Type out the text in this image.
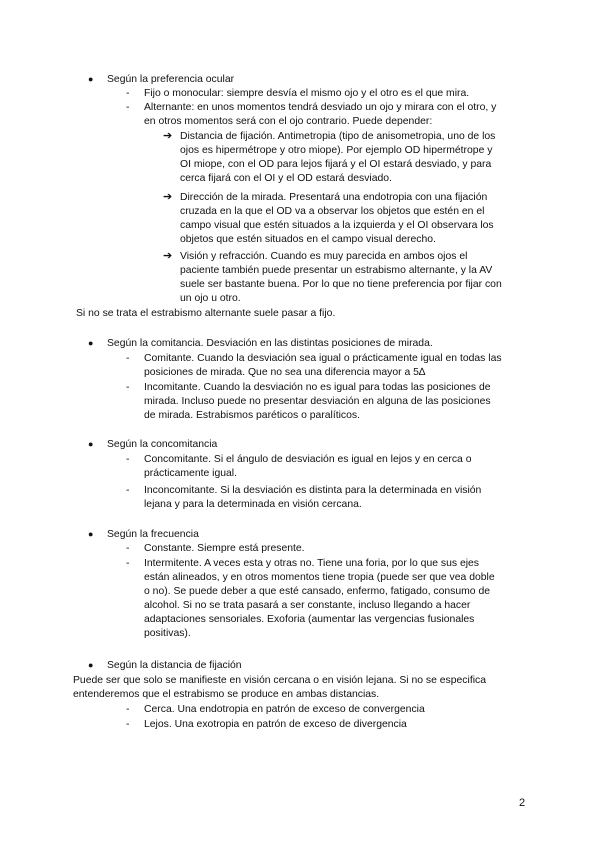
● Según la preferencia ocular
- Fijo o monocular: siempre desvía el mismo ojo y el otro es el que mira.
- Alternante: en unos momentos tendrá desviado un ojo y mirara con el otro, y
en otros momentos será con el ojo contrario. Puede depender:
➔ Distancia de fijación. Antimetropia (tipo de anisometropia, uno de los
ojos es hipermétrope y otro miope). Por ejemplo OD hipermétrope y
OI miope, con el OD para lejos fijará y el OI estará desviado, y para
cerca fijará con el OI y el OD estará desviado.
➔ Dirección de la mirada. Presentará una endotropia con una fijación
cruzada en la que el OD va a observar los objetos que estén en el
campo visual que estén situados a la izquierda y el OI observara los
objetos que estén situados en el campo visual derecho.
➔ Visión y refracción. Cuando es muy parecida en ambos ojos el
paciente también puede presentar un estrabismo alternante, y la AV
suele ser bastante buena. Por lo que no tiene preferencia por fijar con
un ojo u otro.
Si no se trata el estrabismo alternante suele pasar a fijo.
● Según la comitancia. Desviación en las distintas posiciones de mirada.
- Comitante. Cuando la desviación sea igual o prácticamente igual en todas las
posiciones de mirada. Que no sea una diferencia mayor a 5∆
- Incomitante. Cuando la desviación no es igual para todas las posiciones de
mirada. Incluso puede no presentar desviación en alguna de las posiciones
de mirada. Estrabismos paréticos o paralíticos.
● Según la concomitancia
- Concomitante. Si el ángulo de desviación es igual en lejos y en cerca o
prácticamente igual.
- Inconcomitante. Si la desviación es distinta para la determinada en visión
lejana y para la determinada en visión cercana.
● Según la frecuencia
- Constante. Siempre está presente.
- Intermitente. A veces esta y otras no. Tiene una foria, por lo que sus ejes
están alineados, y en otros momentos tiene tropia (puede ser que vea doble
o no). Se puede deber a que esté cansado, enfermo, fatigado, consumo de
alcohol. Si no se trata pasará a ser constante, incluso llegando a hacer
adaptaciones sensoriales. Exoforia (aumentar las vergencias fusionales
positivas).
● Según la distancia de fijación
Puede ser que solo se manifieste en visión cercana o en visión lejana. Si no se especifica
entenderemos que el estrabismo se produce en ambas distancias.
- Cerca. Una endotropia en patrón de exceso de convergencia
- Lejos. Una exotropia en patrón de exceso de divergencia
2
